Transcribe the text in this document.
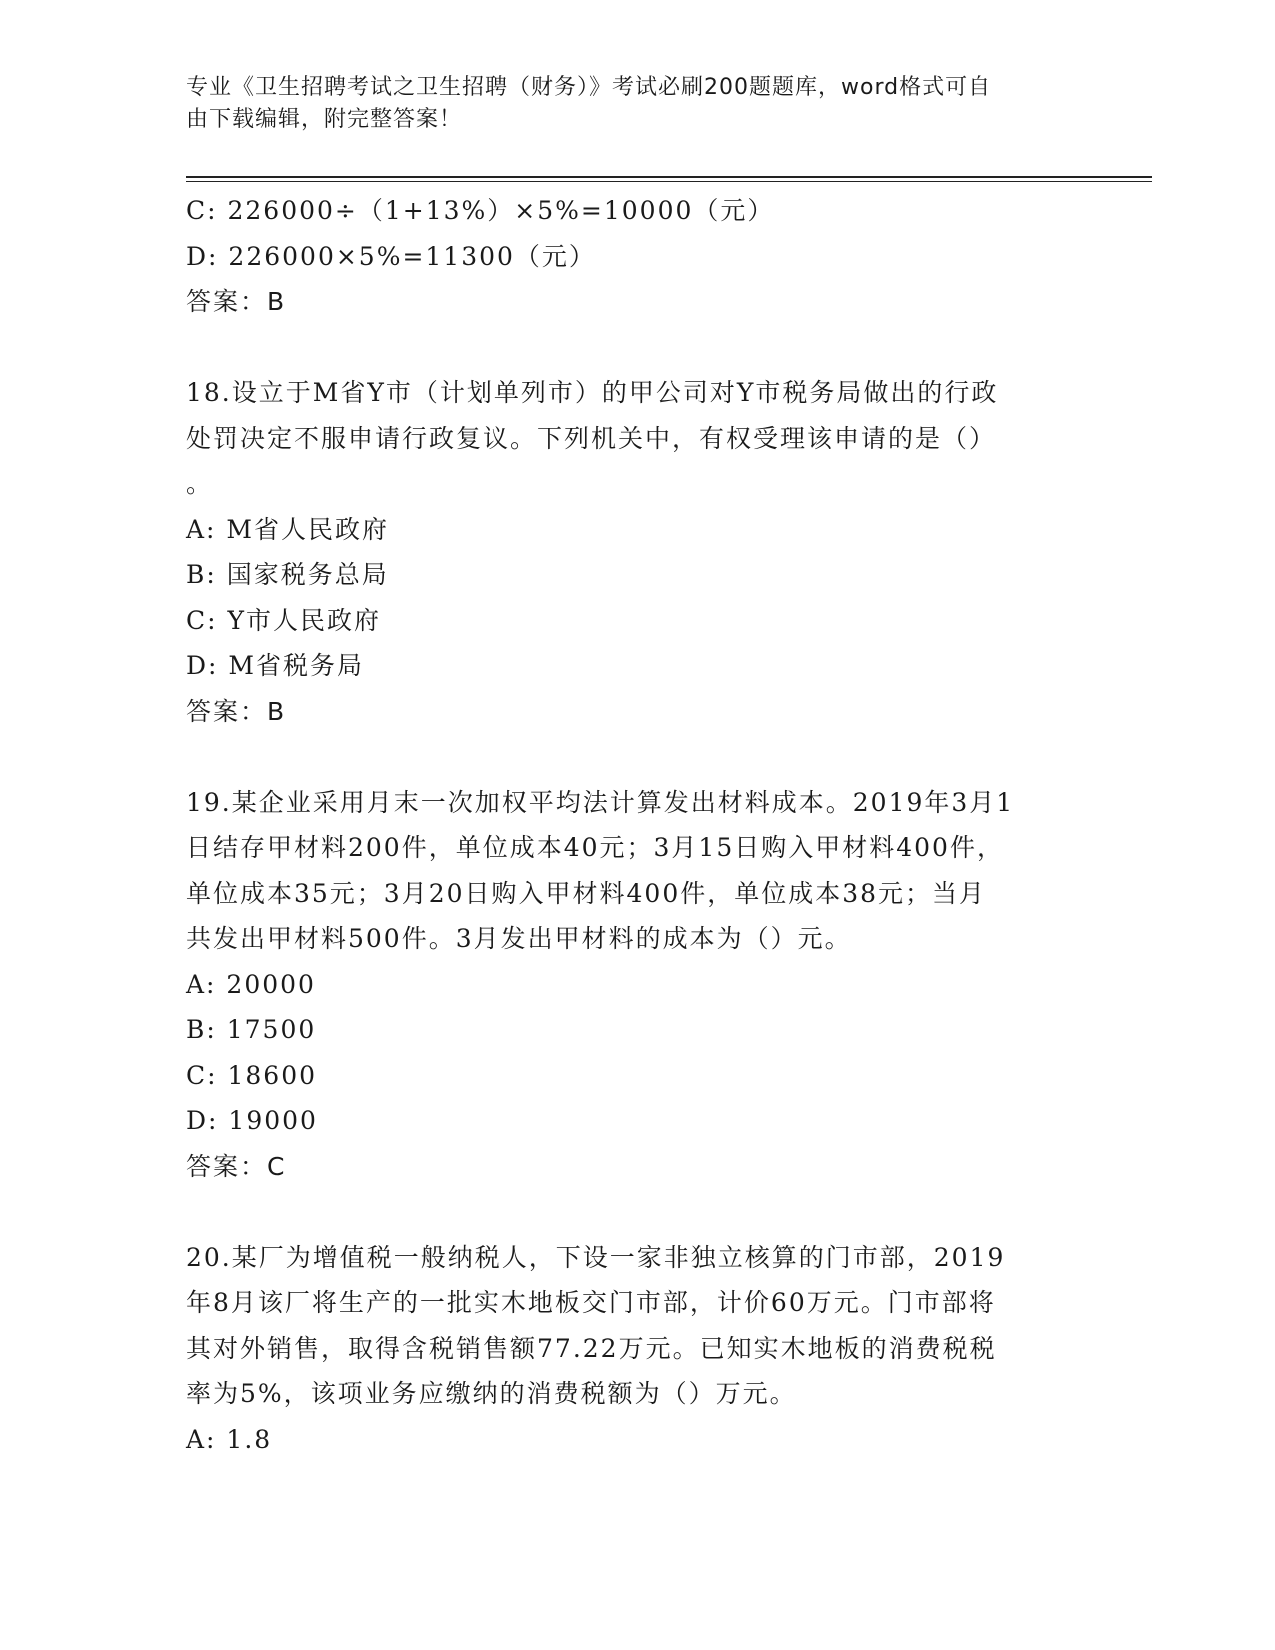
专业《卫生招聘考试之卫生招聘（财务）》考试必刷200题题库，word格式可自
由下载编辑，附完整答案！
C: 226000÷（1+13%）×5%=10000（元）
D: 226000×5%=11300（元）
答案：B
18.设立于M省Y市（计划单列市）的甲公司对Y市税务局做出的行政
处罚决定不服申请行政复议。下列机关中，有权受理该申请的是（）
。
A: M省人民政府
B: 国家税务总局
C: Y市人民政府
D: M省税务局
答案：B
19.某企业采用月末一次加权平均法计算发出材料成本。2019年3月1
日结存甲材料200件，单位成本40元；3月15日购入甲材料400件，
单位成本35元；3月20日购入甲材料400件，单位成本38元；当月
共发出甲材料500件。3月发出甲材料的成本为（）元。
A: 20000
B: 17500
C: 18600
D: 19000
答案：C
20.某厂为增值税一般纳税人，下设一家非独立核算的门市部，2019
年8月该厂将生产的一批实木地板交门市部，计价60万元。门市部将
其对外销售，取得含税销售额77.22万元。已知实木地板的消费税税
率为5%，该项业务应缴纳的消费税额为（）万元。
A: 1.8
